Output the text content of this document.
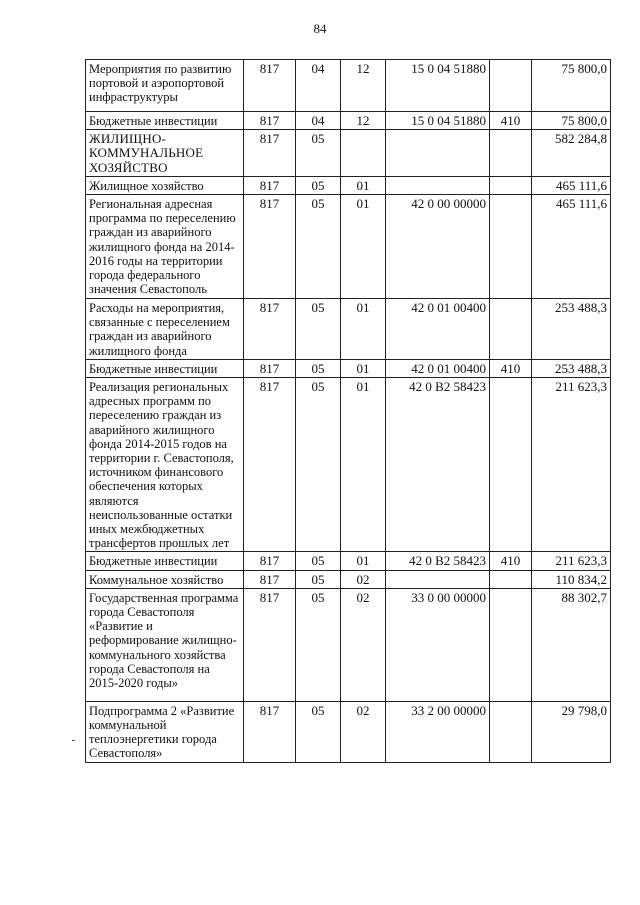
84
Мероприятия по развитию портовой и аэропортовой инфраструктуры	817	04	12	15 0 04 51880		75 800,0
Бюджетные инвестиции	817	04	12	15 0 04 51880	410	75 800,0
ЖИЛИЩНО-КОММУНАЛЬНОЕ ХОЗЯЙСТВО	817	05				582 284,8
Жилищное хозяйство	817	05	01			465 111,6
Региональная адресная программа по переселению граждан из аварийного жилищного фонда на 2014-2016 годы на территории города федерального значения Севастополь	817	05	01	42 0 00 00000		465 111,6
Расходы на мероприятия, связанные с переселением граждан из аварийного жилищного фонда	817	05	01	42 0 01 00400		253 488,3
Бюджетные инвестиции	817	05	01	42 0 01 00400	410	253 488,3
Реализация региональных адресных программ по переселению граждан из аварийного жилищного фонда 2014-2015 годов на территории г. Севастополя, источником финансового обеспечения которых являются неиспользованные остатки иных межбюджетных трансфертов прошлых лет	817	05	01	42 0 B2 58423		211 623,3
Бюджетные инвестиции	817	05	01	42 0 B2 58423	410	211 623,3
Коммунальное хозяйство	817	05	02			110 834,2
Государственная программа города Севастополя «Развитие и реформирование жилищно-коммунального хозяйства города Севастополя на 2015-2020 годы»	817	05	02	33 0 00 00000		88 302,7
Подпрограмма 2 «Развитие коммунальной теплоэнергетики города Севастополя»	817	05	02	33 2 00 00000		29 798,0
